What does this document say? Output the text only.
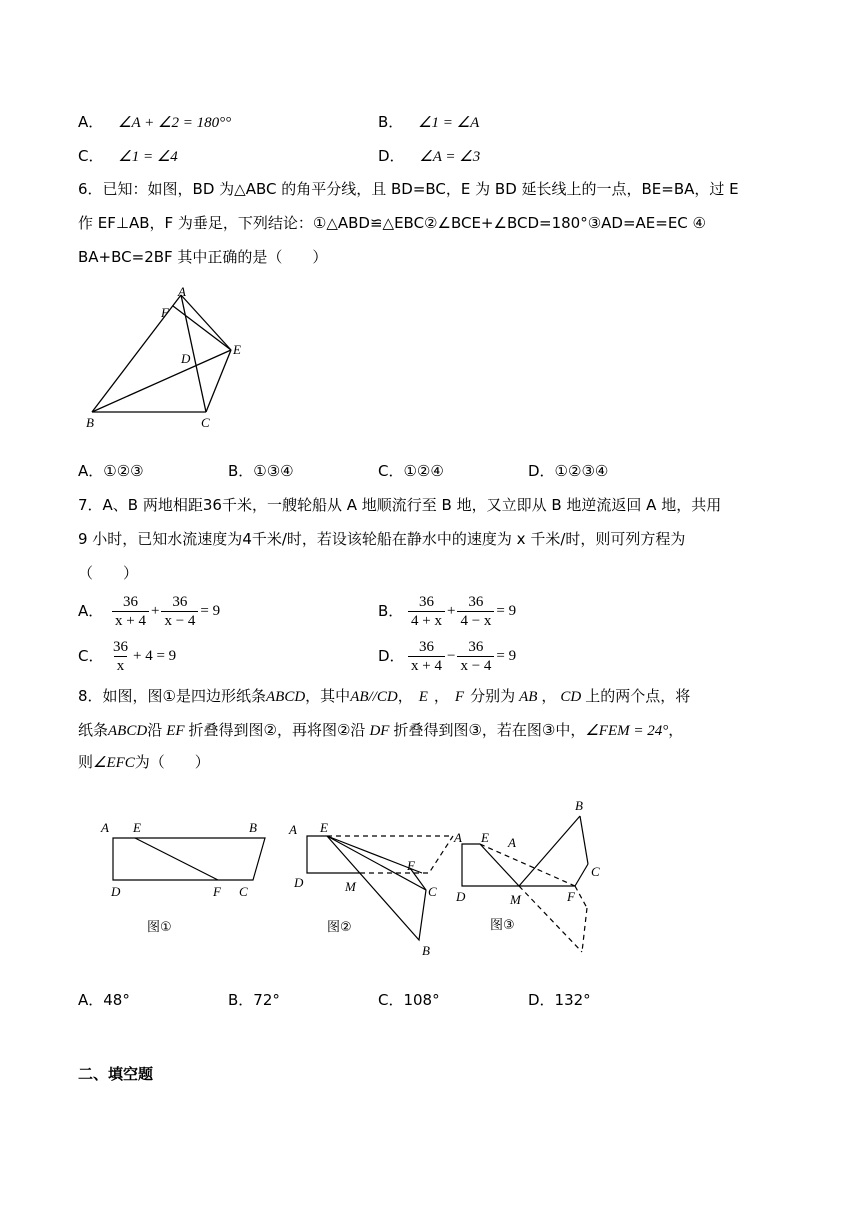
A． ∠A + ∠2 = 180°°	B． ∠1 = ∠A
C． ∠1 = ∠4	D． ∠A = ∠3
6．已知：如图，BD 为△ABC 的角平分线，且 BD=BC，E 为 BD 延长线上的一点，BE=BA，过 E
作 EF⊥AB，F 为垂足，下列结论：①△ABD≌△EBC②∠BCE+∠BCD=180°③AD=AE=EC ④
BA+BC=2BF 其中正确的是（　　）
A
F
D
E
B	C
A．①②③	B．①③④	C．①②④	D．①②③④
7．A、B 两地相距36千米，一艘轮船从 A 地顺流行至 B 地，又立即从 B 地逆流返回 A 地，共用
9 小时，已知水流速度为4千米/时，若设该轮船在静水中的速度为 x 千米/时，则可列方程为
（　　）
A． $\frac{36}{x + 4} + \frac{36}{x - 4} = 9$	B． $\frac{36}{4 + x} + \frac{36}{4 - x} = 9$
C． $\frac{36}{x} + 4 = 9$	D． $\frac{36}{x + 4} - \frac{36}{x - 4} = 9$
8．如图，图①是四边形纸条ABCD，其中AB//CD， E ， F 分别为 AB ， CD 上的两个点，将
纸条ABCD沿 EF 折叠得到图②，再将图②沿 DF 折叠得到图③，若在图③中，∠FEM = 24°，
则∠EFC为（　　）
A E	B
D	F C
图①
A E
A
F
D	M	C
B
图②
B
E A
C
D	M	F
图③
A．48°	B．72°	C．108°	D．132°
二、填空题
